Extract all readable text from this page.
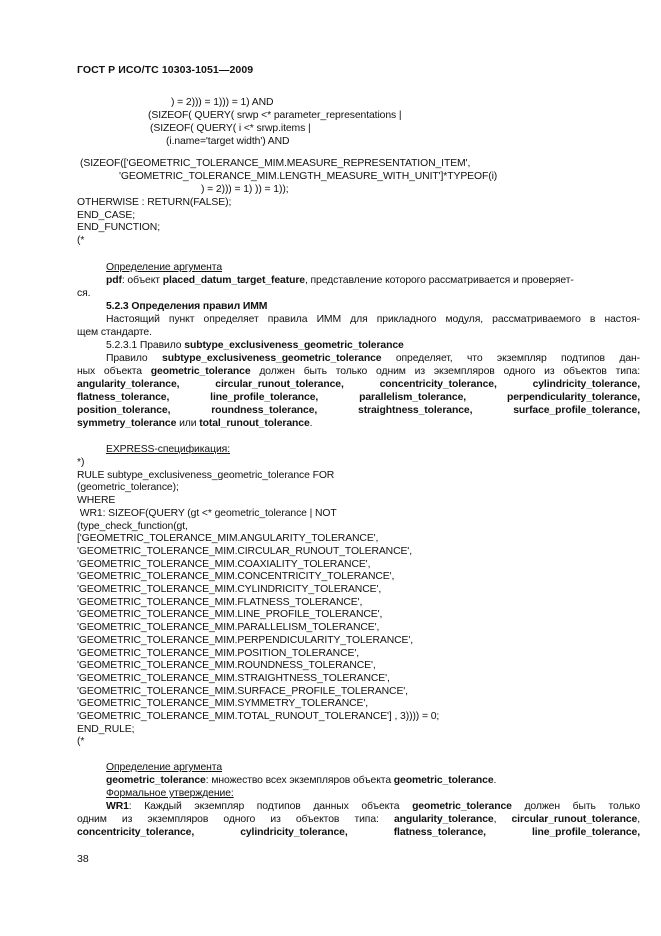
ГОСТ Р ИСО/ТС 10303-1051—2009
) = 2))) = 1))) = 1) AND
(SIZEOF( QUERY( srwp <* parameter_representations |
(SIZEOF( QUERY( i <* srwp.items |
(i.name='target width') AND
(SIZEOF(['GEOMETRIC_TOLERANCE_MIM.MEASURE_REPRESENTATION_ITEM',
'GEOMETRIC_TOLERANCE_MIM.LENGTH_MEASURE_WITH_UNIT']*TYPEOF(i)
) = 2))) = 1) )) = 1));
OTHERWISE : RETURN(FALSE);
END_CASE;
END_FUNCTION;
(*
Определение аргумента
pdf: объект placed_datum_target_feature, представление которого рассматривается и проверяет-
ся.
5.2.3 Определения правил ИММ
Настоящий пункт определяет правила ИММ для прикладного модуля, рассматриваемого в настоя-
щем стандарте.
5.2.3.1 Правило subtype_exclusiveness_geometric_tolerance
Правило subtype_exclusiveness_geometric_tolerance определяет, что экземпляр подтипов дан-
ных объекта geometric_tolerance должен быть только одним из экземпляров одного из объектов типа:
angularity_tolerance,	circular_runout_tolerance,	concentricity_tolerance,	cylindricity_tolerance,
flatness_tolerance,	line_profile_tolerance,	parallelism_tolerance,	perpendicularity_tolerance,
position_tolerance,	roundness_tolerance,	straightness_tolerance,	surface_profile_tolerance,
symmetry_tolerance или total_runout_tolerance.
EXPRESS-спецификация:
*)
RULE subtype_exclusiveness_geometric_tolerance FOR
(geometric_tolerance);
WHERE
WR1: SIZEOF(QUERY (gt <* geometric_tolerance | NOT
(type_check_function(gt,
['GEOMETRIC_TOLERANCE_MIM.ANGULARITY_TOLERANCE',
'GEOMETRIC_TOLERANCE_MIM.CIRCULAR_RUNOUT_TOLERANCE',
'GEOMETRIC_TOLERANCE_MIM.COAXIALITY_TOLERANCE',
'GEOMETRIC_TOLERANCE_MIM.CONCENTRICITY_TOLERANCE',
'GEOMETRIC_TOLERANCE_MIM.CYLINDRICITY_TOLERANCE',
'GEOMETRIC_TOLERANCE_MIM.FLATNESS_TOLERANCE',
'GEOMETRIC_TOLERANCE_MIM.LINE_PROFILE_TOLERANCE',
'GEOMETRIC_TOLERANCE_MIM.PARALLELISM_TOLERANCE',
'GEOMETRIC_TOLERANCE_MIM.PERPENDICULARITY_TOLERANCE',
'GEOMETRIC_TOLERANCE_MIM.POSITION_TOLERANCE',
'GEOMETRIC_TOLERANCE_MIM.ROUNDNESS_TOLERANCE',
'GEOMETRIC_TOLERANCE_MIM.STRAIGHTNESS_TOLERANCE',
'GEOMETRIC_TOLERANCE_MIM.SURFACE_PROFILE_TOLERANCE',
'GEOMETRIC_TOLERANCE_MIM.SYMMETRY_TOLERANCE',
'GEOMETRIC_TOLERANCE_MIM.TOTAL_RUNOUT_TOLERANCE'] , 3)))) = 0;
END_RULE;
(*
Определение аргумента
geometric_tolerance: множество всех экземпляров объекта geometric_tolerance.
Формальное утверждение:
WR1: Каждый экземпляр подтипов данных объекта geometric_tolerance должен быть только
одним из экземпляров одного из объектов типа: angularity_tolerance, circular_runout_tolerance,
concentricity_tolerance,	cylindricity_tolerance,	flatness_tolerance,	line_profile_tolerance,
38
